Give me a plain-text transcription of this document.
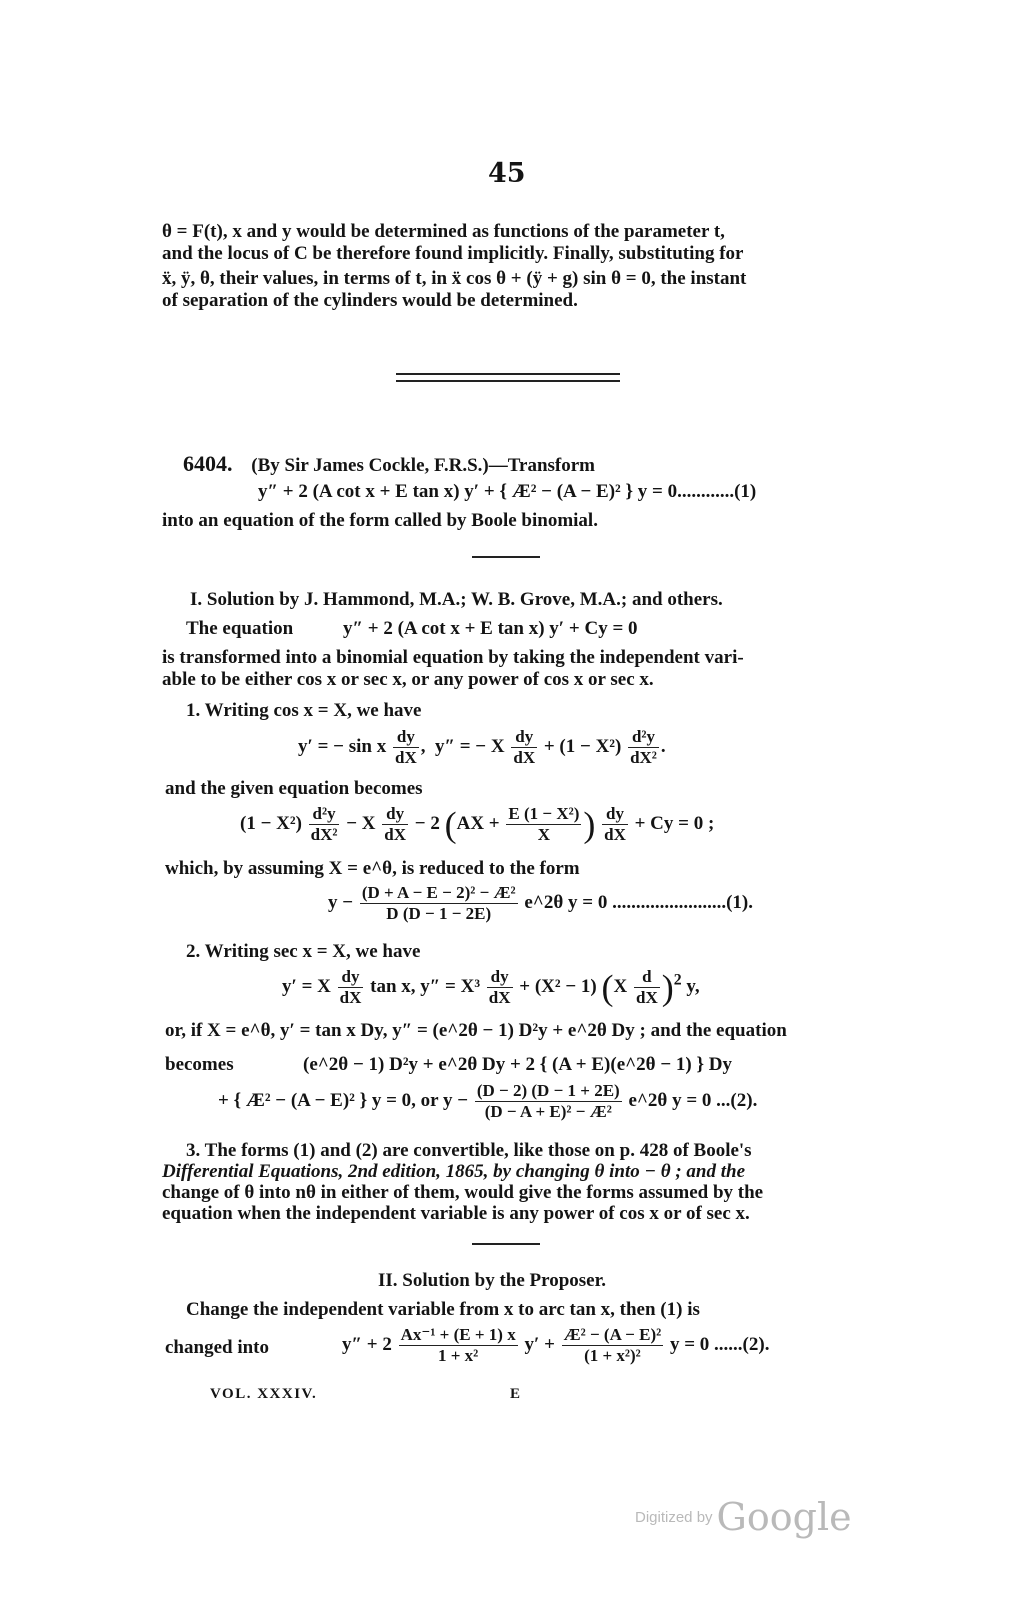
45
θ = F(t), x and y would be determined as functions of the parameter t,
and the locus of C be therefore found implicitly. Finally, substituting for
ẍ, ÿ, θ, their values, in terms of t, in ẍ cos θ + (ÿ + g) sin θ = 0, the instant
of separation of the cylinders would be determined.
6404. (By Sir James Cockle, F.R.S.)—Transform
y″ + 2 (A cot x + E tan x) y′ + { Æ² − (A − E)² } y = 0............(1)
into an equation of the form called by Boole binomial.
I. Solution by J. Hammond, M.A.; W. B. Grove, M.A.; and others.
The equation	y″ + 2 (A cot x + E tan x) y′ + Cy = 0
is transformed into a binomial equation by taking the independent vari-
able to be either cos x or sec x, or any power of cos x or sec x.
1. Writing cos x = X, we have
y′ = − sin x $\frac{dy}{dX}$ ,  y″ = − X $\frac{dy}{dX} + (1 - X^2) \frac{\text{d²y}}{\text{dX²}}$ .
and the given equation becomes
$(1 - X^2) \frac{\text{d²y}}{\text{dX²}} - X \frac{dy}{dX} - 2$ ($AX + \frac{\text{E (1 − X²)}}{X}$ ) $\frac{dy}{dX} + Cy = 0$ ;
which, by assuming X = e^θ, is reduced to the form
$y - \frac{\text{(D + A − E − 2)² − Æ²}}{D (D - 1 - 2E)}$ e^2θ y = 0 ........................(1).
2. Writing sec x = X, we have
y′ = X $\frac{dy}{dX}$ tan x, $y'' = X^3 \frac{dy}{dX} + (X^2 - 1)$ $(X \frac{d}{dX} )^2$ y,
or, if X = e^θ, y′ = tan x Dy, y″ = (e^2θ − 1) D²y + e^2θ Dy ; and the equation
becomes	(e^2θ − 1) D²y + e^2θ Dy + 2 { (A + E)(e^2θ − 1) } Dy
+ { Æ² − (A − E)² } y = 0, or $y - \frac{(D - 2) (D - 1 + 2E)}{\text{(D − A + E)² − Æ²}}$ e^2θ y = 0 ...(2).
3. The forms (1) and (2) are convertible, like those on p. 428 of Boole's
Differential Equations, 2nd edition, 1865, by changing θ into − θ ; and the
change of θ into nθ in either of them, would give the forms assumed by the
equation when the independent variable is any power of cos x or of sec x.
II. Solution by the Proposer.
Change the independent variable from x to arc tan x, then (1) is
changed into	$y'' + 2 \frac{\text{Ax⁻¹ + (E + 1) x}}{\text{1 + x²}} y' + \frac{\text{Æ² − (A − E)²}}{\text{(1 + x²)²}}$ y = 0 ......(2).
VOL. XXXIV.	E
Digitized by Google
